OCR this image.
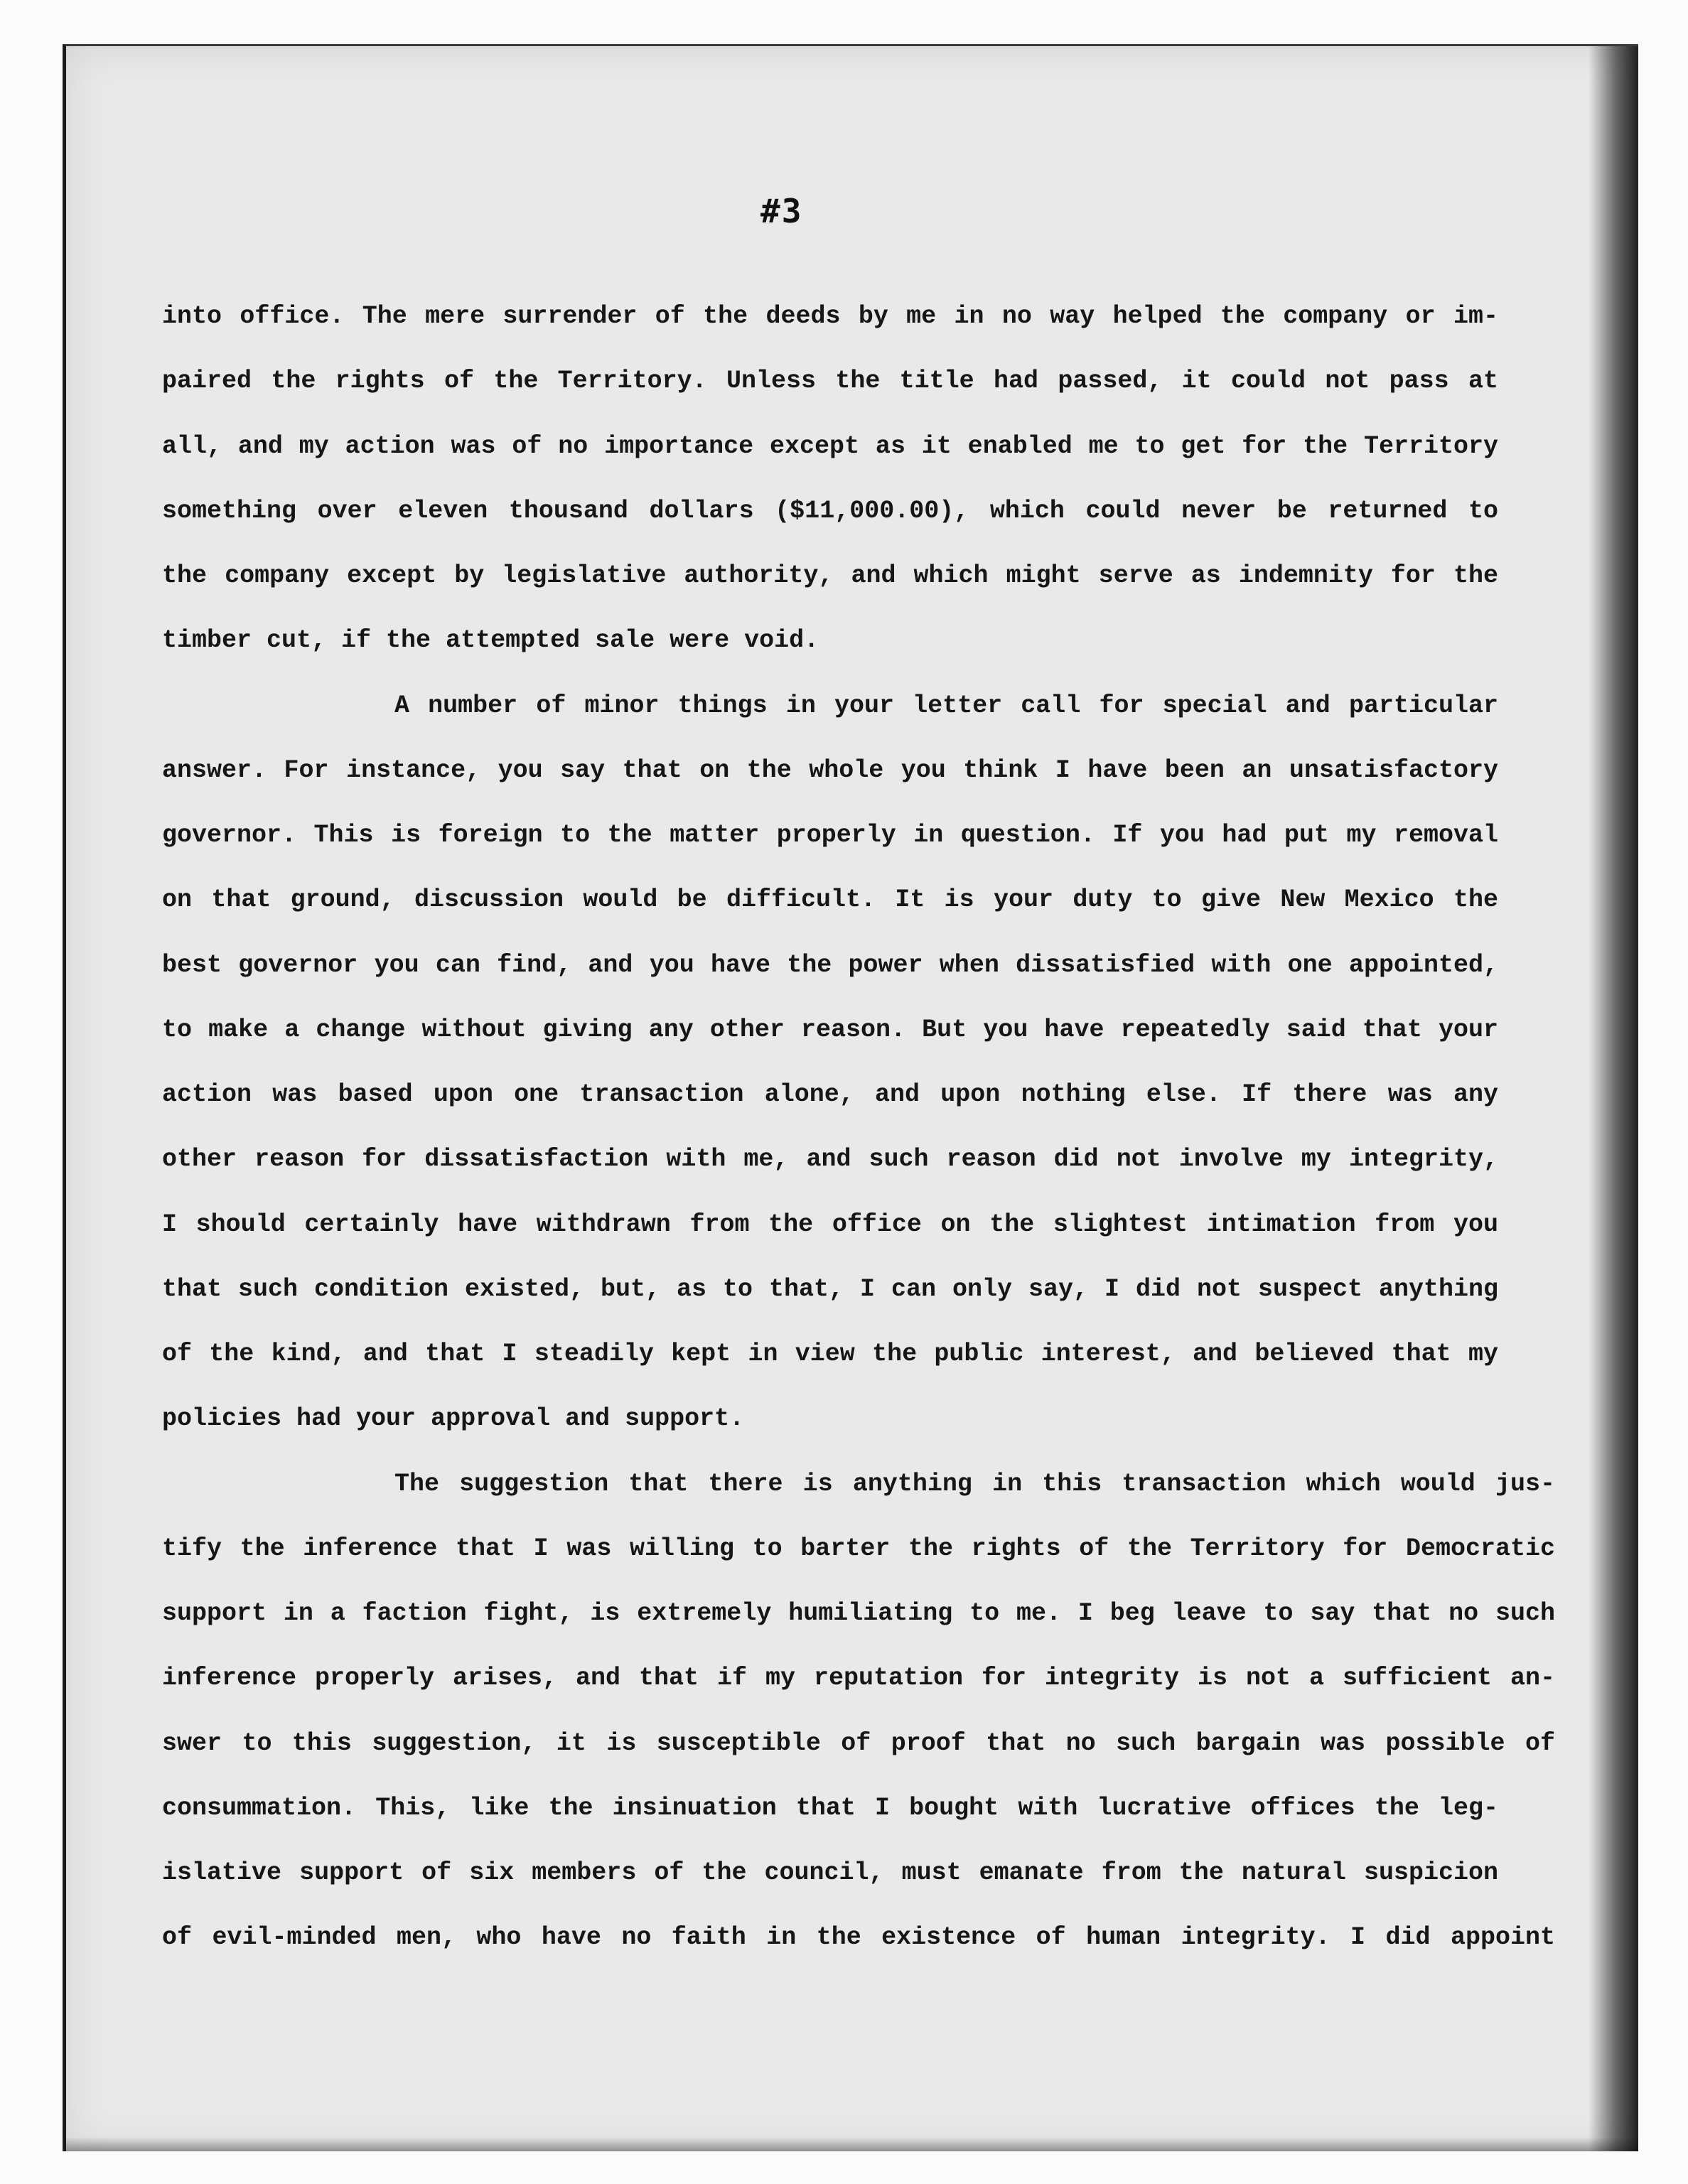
#3
into office. The mere surrender of the deeds by me in no way helped the company or im-
paired the rights of the Territory. Unless the title had passed, it could not pass at
all, and my action was of no importance except as it enabled me to get for the Territory
something over eleven thousand dollars ($11,000.00), which could never be returned to
the company except by legislative authority, and which might serve as indemnity for the
timber cut, if the attempted sale were void.
A number of minor things in your letter call for special and particular
answer. For instance, you say that on the whole you think I have been an unsatisfactory
governor. This is foreign to the matter properly in question. If you had put my removal
on that ground, discussion would be difficult. It is your duty to give New Mexico the
best governor you can find, and you have the power when dissatisfied with one appointed,
to make a change without giving any other reason. But you have repeatedly said that your
action was based upon one transaction alone, and upon nothing else. If there was any
other reason for dissatisfaction with me, and such reason did not involve my integrity,
I should certainly have withdrawn from the office on the slightest intimation from you
that such condition existed, but, as to that, I can only say, I did not suspect anything
of the kind, and that I steadily kept in view the public interest, and believed that my
policies had your approval and support.
The suggestion that there is anything in this transaction which would jus-
tify the inference that I was willing to barter the rights of the Territory for Democratic
support in a faction fight, is extremely humiliating to me. I beg leave to say that no such
inference properly arises, and that if my reputation for integrity is not a sufficient an-
swer to this suggestion, it is susceptible of proof that no such bargain was possible of
consummation. This, like the insinuation that I bought with lucrative offices the leg-
islative support of six members of the council, must emanate from the natural suspicion
of evil-minded men, who have no faith in the existence of human integrity. I did appoint
